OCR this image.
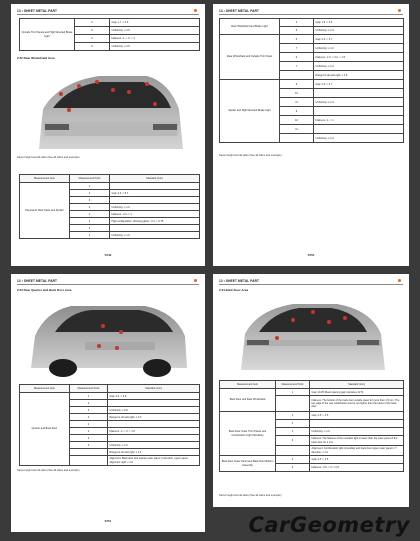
13 • SHEET METAL PART
Outside Trim Panels and High Mounted Brake Light	4	Gap: 1.7 -> 2.3
	5	Uniformity: ≤ 0.5
	4	Flatness: -1 -> 0 -> 1
	5	Uniformity: ≤ 0.6
2.22 Rear Windshield Area
Same height and all sides (See all sides and example)
Measurement Item	Measurement Point	Standard (mm)
Panoramic Roof Glass and Spoiler	1	
	2	Gap: 4.3 -> 5.7
	3	
	4	Uniformity: ≤ 1.0
	1	Flatness: -0.4 -> 1
	2	High configuration, dimming glass: -0.4 -> 0.75
	3	
	4	Uniformity: ≤ 1.0
5249
13 • SHEET METAL PART
Rear Windshield and Brake Light	4	Gap: 1.5 -> 4.5
	5	Uniformity: ≤ 1.0
Rear Windshield and Outside Trim Panel	6	Gap: 2.3 -> 3.7
	7	Uniformity: ≤ 1.0
	6	Flatness: -1.5 -> 0.2 -> 1.5
	7	Uniformity: ≤ 1.0
		Range for all axis right: ≤ 1.5
Spoiler and High Mounted Brake Light	9	Gap: 2.3 -> 3.7
	10	
	11	Uniformity: ≤ 1.0
	9	
	10	Flatness: -1 -> 1
	11	
		Uniformity: ≤ 1.0
Same height and all sides (See all sides and example)
5250
13 • SHEET METAL PART
2.23 Rear Quarter and Back Door Area
Measurement Item	Measurement Point	Standard (mm)
Quarter and Back Door	1	Gap: 3.4 -> 4.6
	2	
	3	Uniformity: ≤ 0.8
	4	Range for all axis right: ≤ 1.0
	1	
	2	Flatness: -2 -> 0 -> 1.5
	3	
	4	Uniformity: ≤ 1.0
		Range for all axis right: ≤ 1.5
		Alignment: Back door and quarter outer panel (1 direction, upper panel alignment right: ≤ 1.0
Same height and all sides (See all sides and example)
5251
13 • SHEET METAL PART
2.24 Back Door Area
Measurement Item	Measurement Point	Standard (mm)
Back Door and Rear Windshield	1	Gap: 10.25 (Rear opening gap: tolerance ±2.5)
		Flatness: The bottom of the back door outside panel for more than 1.5 mm. The top edge of the rear windshield must be not higher than the panel of the back door
Back Door Outer Trim Panels and Combination Light (Movable)	2	Gap: 2.5 -> 3.5
	3	
	2	Uniformity: ≤ 1.0
	3	Flatness: The flatness of the movable light is lower than the outer panel of the back door for 1 mm
		Alignment: Combination light (movable) and back door upper outer panel in Y direction: ≤ 1.0
Back Door Outer Panel and Back Door Bottom Assembly	4	Gap: 2.5 -> 3.5
	5	Flatness: -0.5 -> 0 -> 0.5
Same height and all sides (See all sides and example)
CarGeometry
